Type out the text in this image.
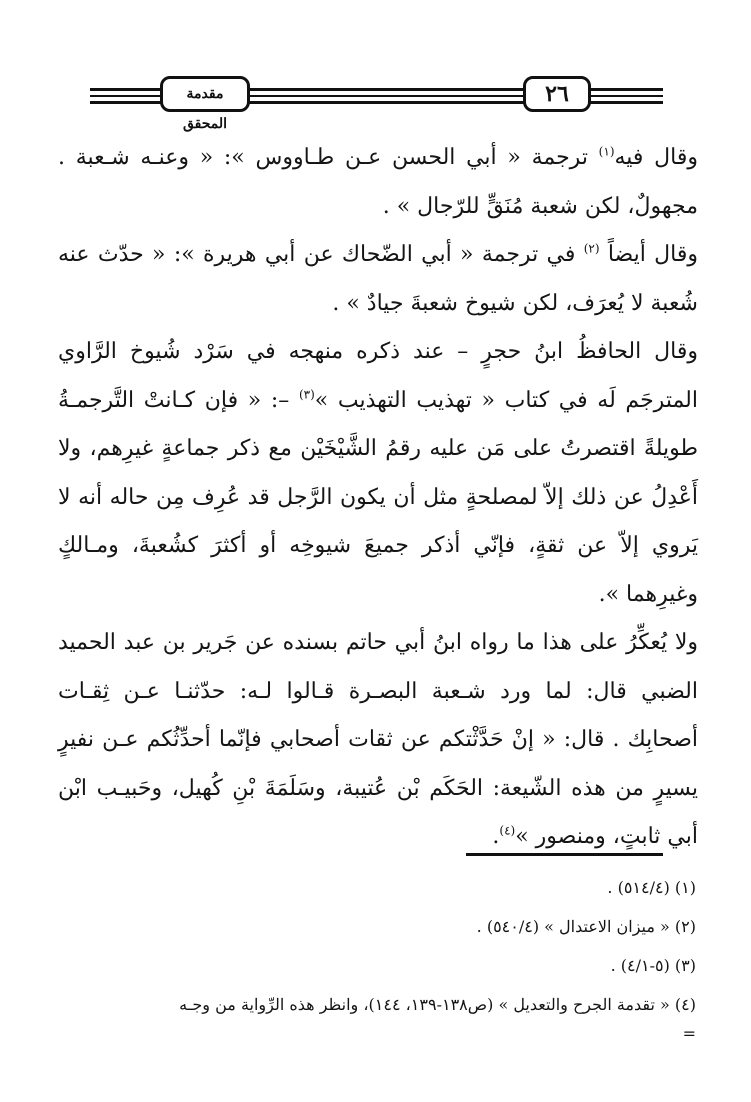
٢٦
مقدمة المحقق

وقال فيه$^{(١)}$ ترجمة « أبي الحسن عـن طـاووس »: « وعنـه شـعبة . مجهولٌ، لكن شعبة مُنَقٍّ للرّجال » .

وقال أيضاً $^{(٢)}$ في ترجمة « أبي الضّحاك عن أبي هريرة »: « حدّث عنه شُعبة لا يُعرَف، لكن شيوخ شعبةَ جيادٌ » .

وقال الحافظُ ابنُ حجرٍ – عند ذكره منهجه في سَرْد شُيوخ الرَّاوي المترجَم لَه في كتاب « تهذيب التهذيب »$^{(٣)}$ –: « فإن كـانتْ التَّرجمـةُ طويلةً اقتصرتُ على مَن عليه رقمُ الشَّيْخَيْن مع ذكر جماعةٍ غيرِهم، ولا أَعْدِلُ عن ذلك إلاّ لمصلحةٍ مثل أن يكون الرَّجل قد عُرِف مِن حاله أنه لا يَروي إلاّ عن ثقةٍ، فإنّي أذكر جميعَ شيوخِه أو أكثرَ كشُعبةَ، ومـالكٍ وغيرِهما ».

ولا يُعكِّرُ على هذا ما رواه ابنُ أبي حاتم بسنده عن جَرير بن عبد الحميد الضبي قال: لما ورد شـعبة البصـرة قـالوا لـه: حدّثنـا عـن ثِقـات أصحابِك . قال: « إنْ حَدَّثْتكم عن ثقات أصحابي فإنّما أحدِّثُكم عـن نفيرٍ يسيرٍ من هذه الشّيعة: الحَكَم بْن عُتيبة، وسَلَمَةَ بْنِ كُهيل، وحَبيـب ابْن أبي ثابتٍ، ومنصور »$^{(٤)}$.

(١) (٥١٤/٤) .

(٢) « ميزان الاعتدال » (٥٤٠/٤) .

(٣) (٥-٤/١) .

(٤) « تقدمة الجرح والتعديل » (ص١٣٨-١٣٩، ١٤٤)، وانظر هذه الرِّواية من وجـه

=
